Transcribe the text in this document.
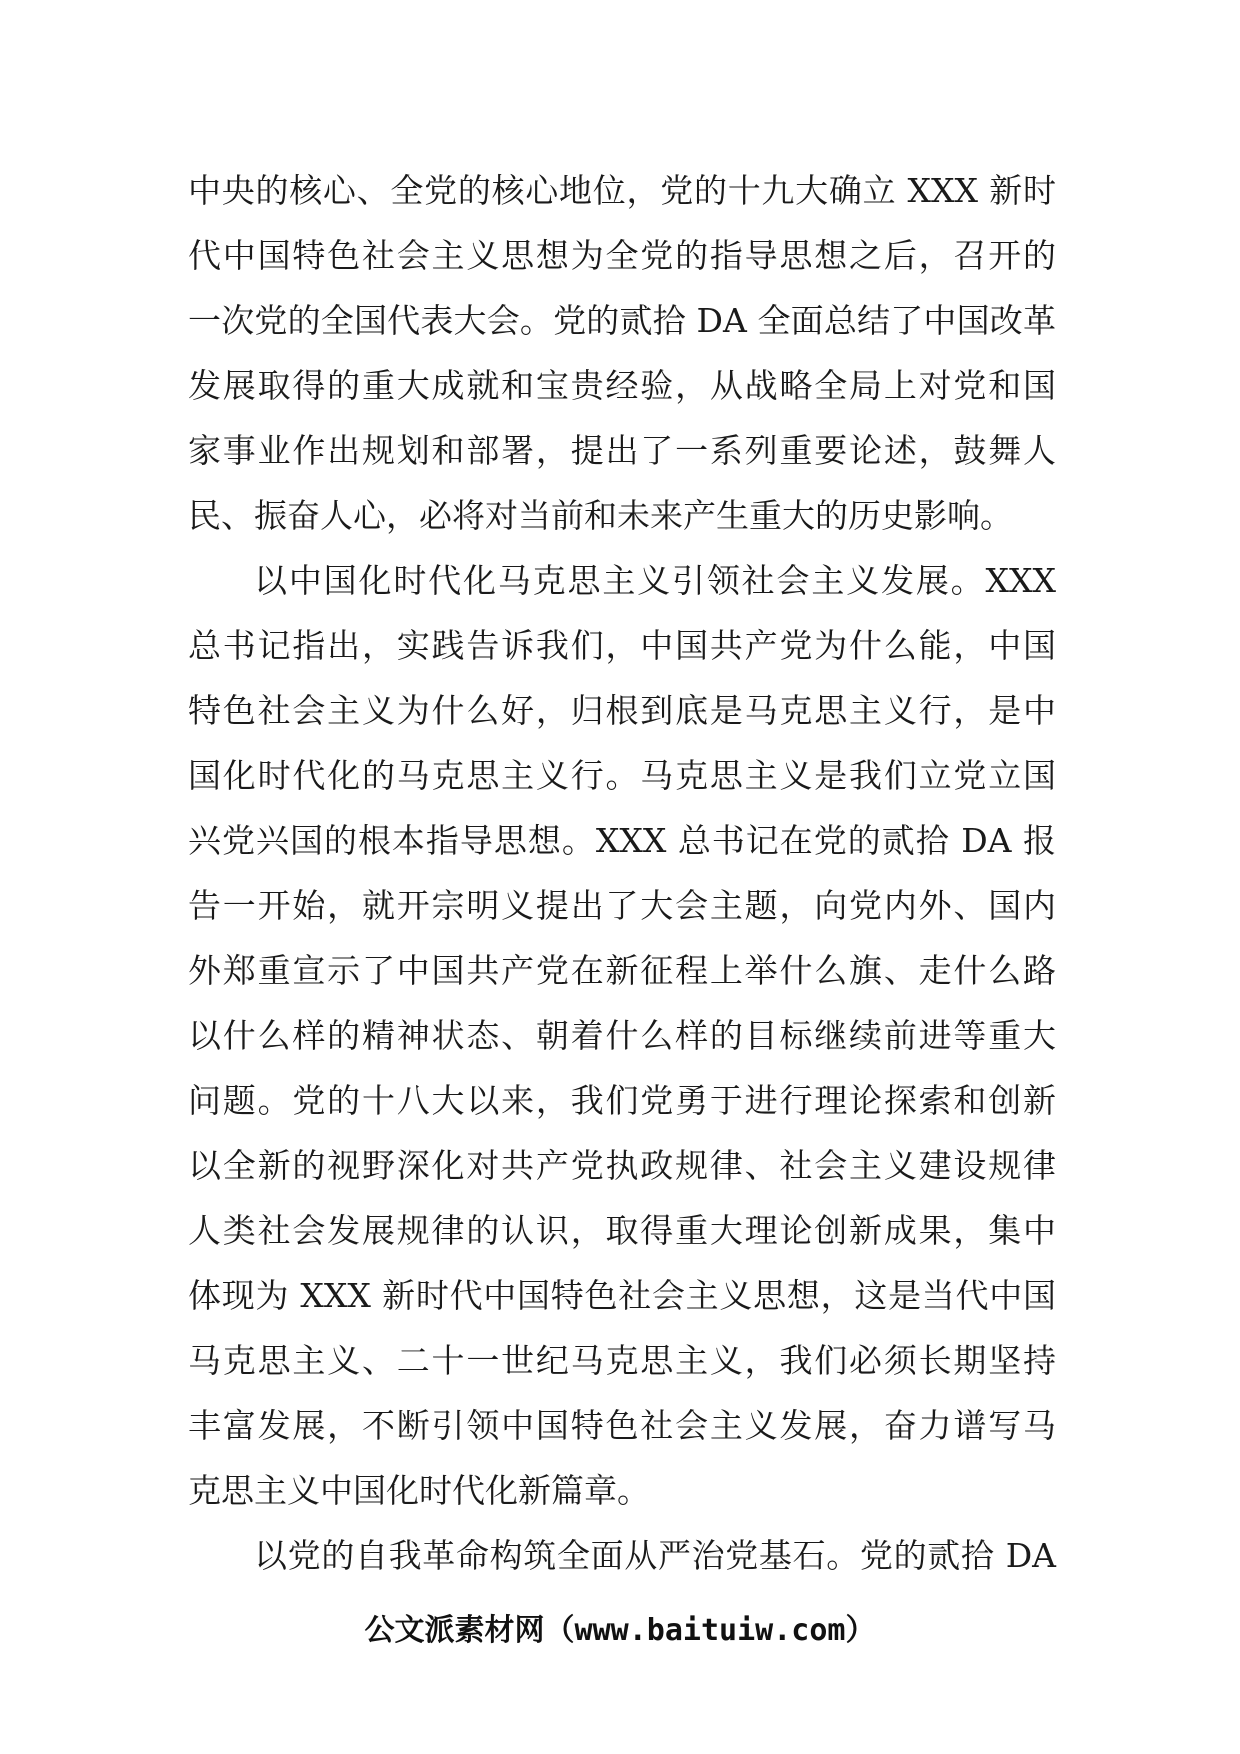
中央的核心、全党的核心地位，党的十九大确立 XXX 新时
代中国特色社会主义思想为全党的指导思想之后，召开的
一次党的全国代表大会。党的贰拾 DA 全面总结了中国改革
发展取得的重大成就和宝贵经验，从战略全局上对党和国
家事业作出规划和部署，提出了一系列重要论述，鼓舞人
民、振奋人心，必将对当前和未来产生重大的历史影响。
以中国化时代化马克思主义引领社会主义发展。XXX
总书记指出，实践告诉我们，中国共产党为什么能，中国
特色社会主义为什么好，归根到底是马克思主义行，是中
国化时代化的马克思主义行。马克思主义是我们立党立国
兴党兴国的根本指导思想。XXX 总书记在党的贰拾 DA 报
告一开始，就开宗明义提出了大会主题，向党内外、国内
外郑重宣示了中国共产党在新征程上举什么旗、走什么路
以什么样的精神状态、朝着什么样的目标继续前进等重大
问题。党的十八大以来，我们党勇于进行理论探索和创新
以全新的视野深化对共产党执政规律、社会主义建设规律
人类社会发展规律的认识，取得重大理论创新成果，集中
体现为 XXX 新时代中国特色社会主义思想，这是当代中国
马克思主义、二十一世纪马克思主义，我们必须长期坚持
丰富发展，不断引领中国特色社会主义发展，奋力谱写马
克思主义中国化时代化新篇章。
以党的自我革命构筑全面从严治党基石。党的贰拾 DA
公文派素材网（www.baituiw.com）
